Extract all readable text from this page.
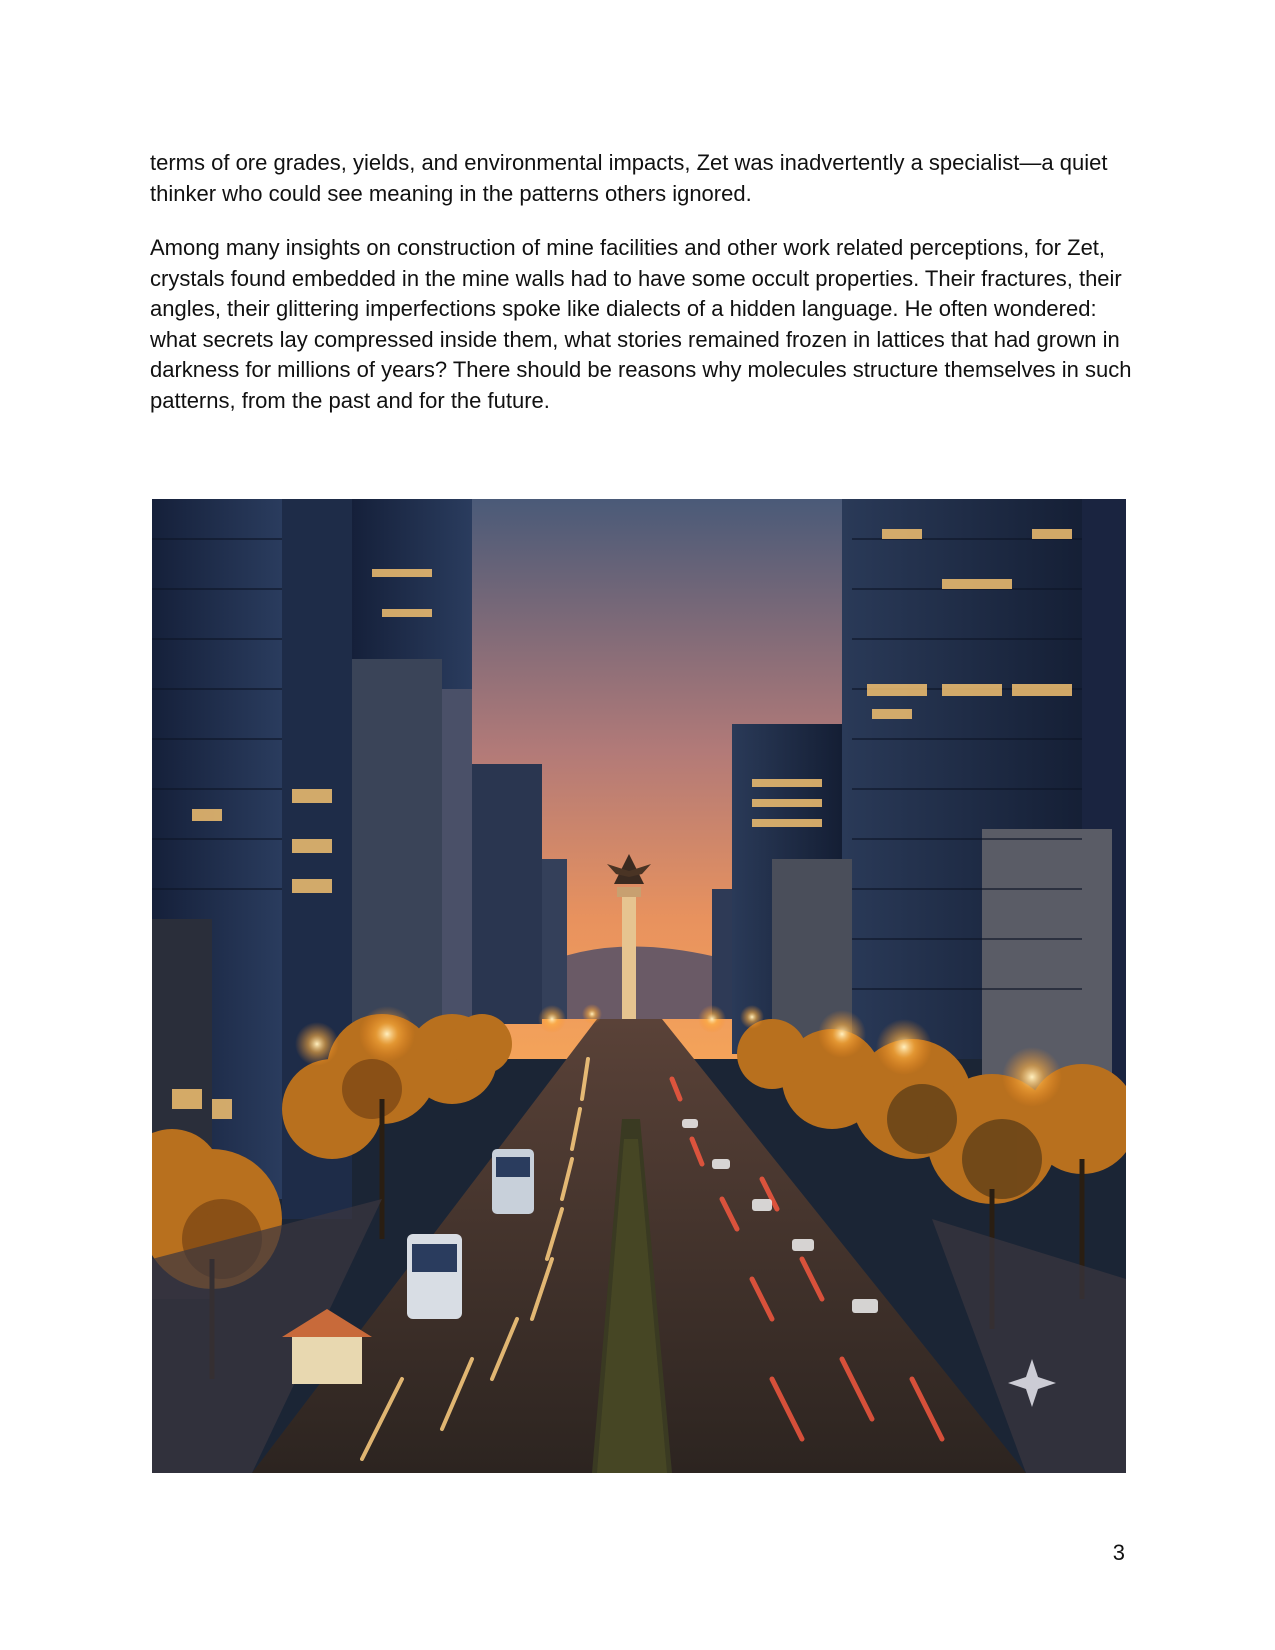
terms of ore grades, yields, and environmental impacts, Zet was inadvertently a specialist—a quiet thinker who could see meaning in the patterns others ignored.

Among many insights on construction of mine facilities and other work related perceptions, for Zet, crystals found embedded in the mine walls had to have some occult properties. Their fractures, their angles, their glittering imperfections spoke like dialects of a hidden language. He often wondered: what secrets lay compressed inside them, what stories remained frozen in lattices that had grown in darkness for millions of years? There should be reasons why molecules structure themselves in such patterns, from the past and for the future.

3
